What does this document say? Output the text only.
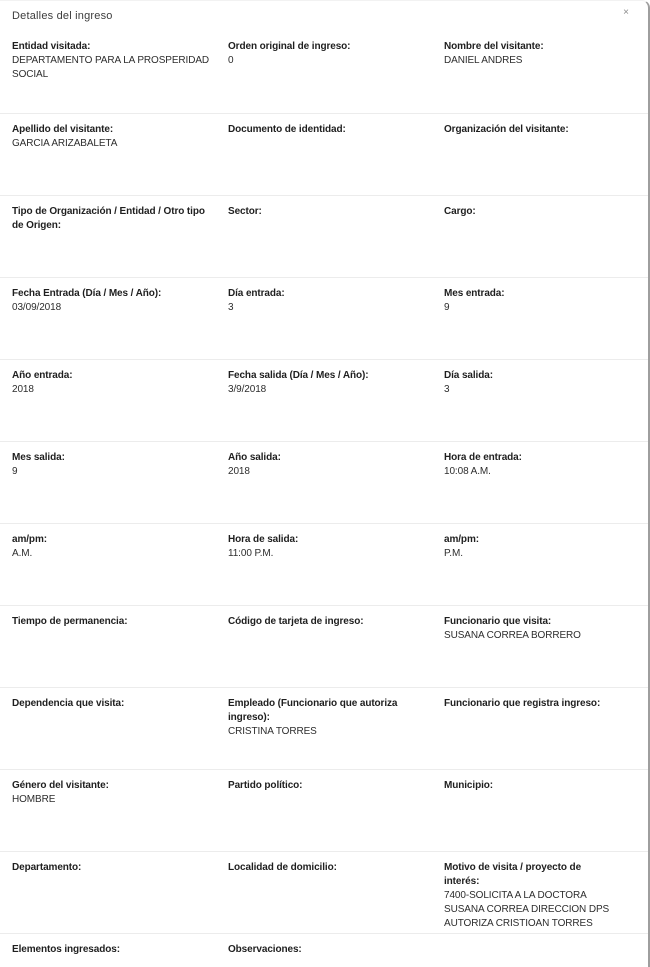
Detalles del ingreso	×
Entidad visitada:
DEPARTAMENTO PARA LA PROSPERIDAD SOCIAL
Orden original de ingreso:
0
Nombre del visitante:
DANIEL ANDRES
Apellido del visitante:
GARCIA ARIZABALETA
Documento de identidad:	Organización del visitante:
Tipo de Organización / Entidad / Otro tipo de Origen:
Sector:	Cargo:
Fecha Entrada (Día / Mes / Año):
03/09/2018
Día entrada:
3
Mes entrada:
9
Año entrada:
2018
Fecha salida (Día / Mes / Año):
3/9/2018
Día salida:
3
Mes salida:
9
Año salida:
2018
Hora de entrada:
10:08 A.M.
am/pm:
A.M.
Hora de salida:
11:00 P.M.
am/pm:
P.M.
Tiempo de permanencia:	Código de tarjeta de ingreso:	Funcionario que visita:
SUSANA CORREA BORRERO
Dependencia que visita:	Empleado (Funcionario que autoriza ingreso):
CRISTINA TORRES
Funcionario que registra ingreso:
Género del visitante:
HOMBRE
Partido político:	Municipio:
Departamento:	Localidad de domicilio:	Motivo de visita / proyecto de interés:
7400-SOLICITA A LA DOCTORA SUSANA CORREA DIRECCION DPS AUTORIZA CRISTIOAN TORRES
Elementos ingresados:	Observaciones:
